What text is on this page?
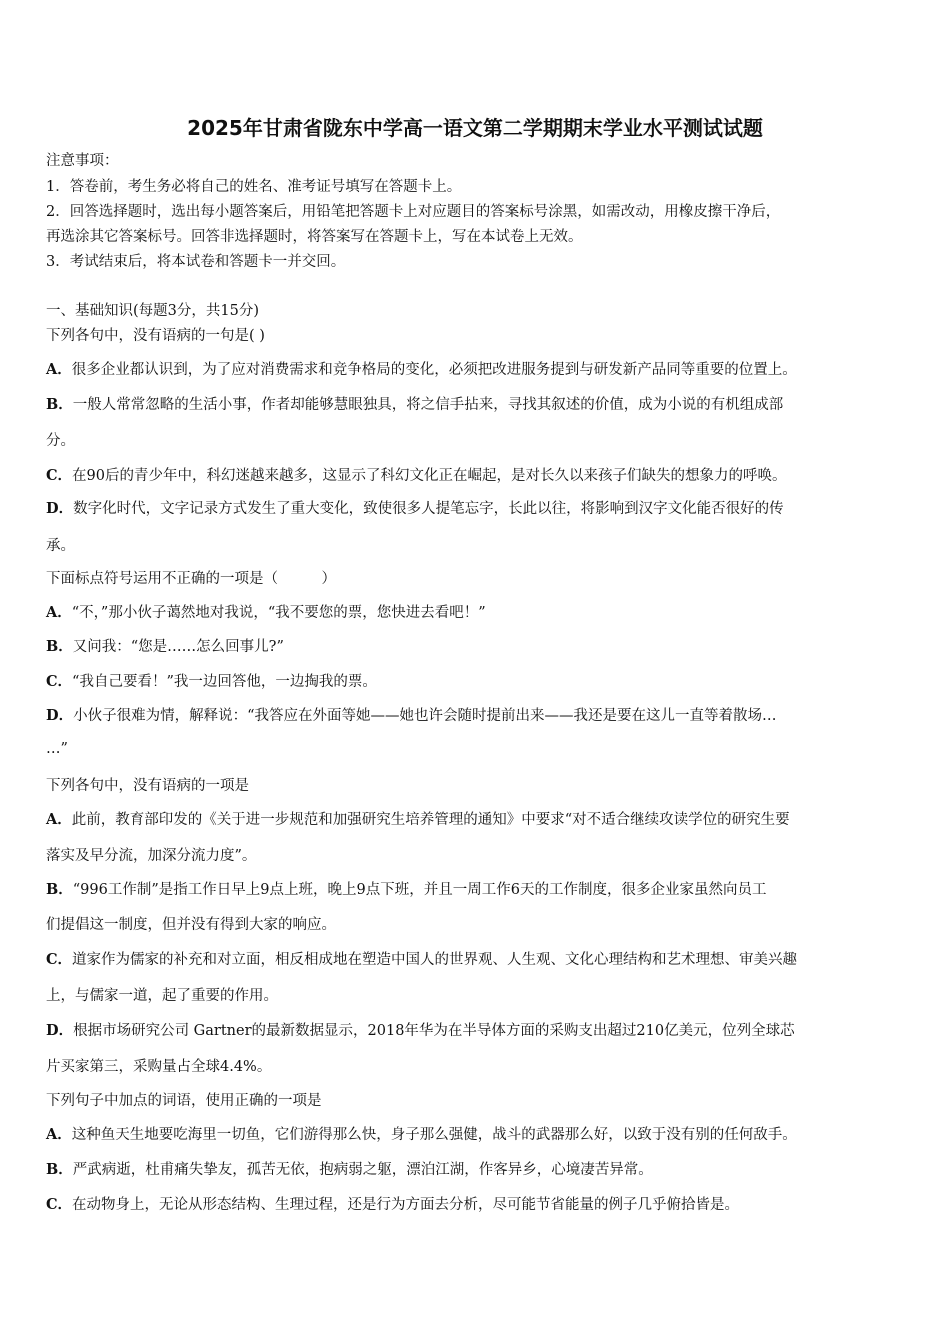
2025年甘肃省陇东中学高一语文第二学期期末学业水平测试试题
注意事项：
1．答卷前，考生务必将自己的姓名、准考证号填写在答题卡上。
2．回答选择题时，选出每小题答案后，用铅笔把答题卡上对应题目的答案标号涂黑，如需改动，用橡皮擦干净后，
再选涂其它答案标号。回答非选择题时，将答案写在答题卡上，写在本试卷上无效。
3．考试结束后，将本试卷和答题卡一并交回。
一、基础知识(每题3分，共15分)
下列各句中，没有语病的一句是( )
A．很多企业都认识到，为了应对消费需求和竞争格局的变化，必须把改进服务提到与研发新产品同等重要的位置上。
B．一般人常常忽略的生活小事，作者却能够慧眼独具，将之信手拈来，寻找其叙述的价值，成为小说的有机组成部
分。
C．在90后的青少年中，科幻迷越来越多，这显示了科幻文化正在崛起，是对长久以来孩子们缺失的想象力的呼唤。
D．数字化时代，文字记录方式发生了重大变化，致使很多人提笔忘字，长此以往，将影响到汉字文化能否很好的传
承。
下面标点符号运用不正确的一项是（　　　）
A．“不，”那小伙子蔼然地对我说，“我不要您的票，您快进去看吧！”
B．又问我：“您是……怎么回事儿?”
C．“我自己要看！”我一边回答他，一边掏我的票。
D．小伙子很难为情，解释说：“我答应在外面等她——她也许会随时提前出来——我还是要在这儿一直等着散场…
…”
下列各句中，没有语病的一项是
A．此前，教育部印发的《关于进一步规范和加强研究生培养管理的通知》中要求“对不适合继续攻读学位的研究生要
落实及早分流，加深分流力度”。
B．“996工作制”是指工作日早上9点上班，晚上9点下班，并且一周工作6天的工作制度，很多企业家虽然向员工
们提倡这一制度，但并没有得到大家的响应。
C．道家作为儒家的补充和对立面，相反相成地在塑造中国人的世界观、人生观、文化心理结构和艺术理想、审美兴趣
上，与儒家一道，起了重要的作用。
D．根据市场研究公司 Gartner的最新数据显示，2018年华为在半导体方面的采购支出超过210亿美元，位列全球芯
片买家第三，采购量占全球4.4%。
下列句子中加点的词语，使用正确的一项是
A．这种鱼天生地要吃海里一切鱼，它们游得那么快，身子那么强健，战斗的武器那么好，以致于没有别的任何敌手。
B．严武病逝，杜甫痛失挚友，孤苦无依，抱病弱之躯，漂泊江湖，作客异乡，心境凄苦异常。
C．在动物身上，无论从形态结构、生理过程，还是行为方面去分析，尽可能节省能量的例子几乎俯拾皆是。
